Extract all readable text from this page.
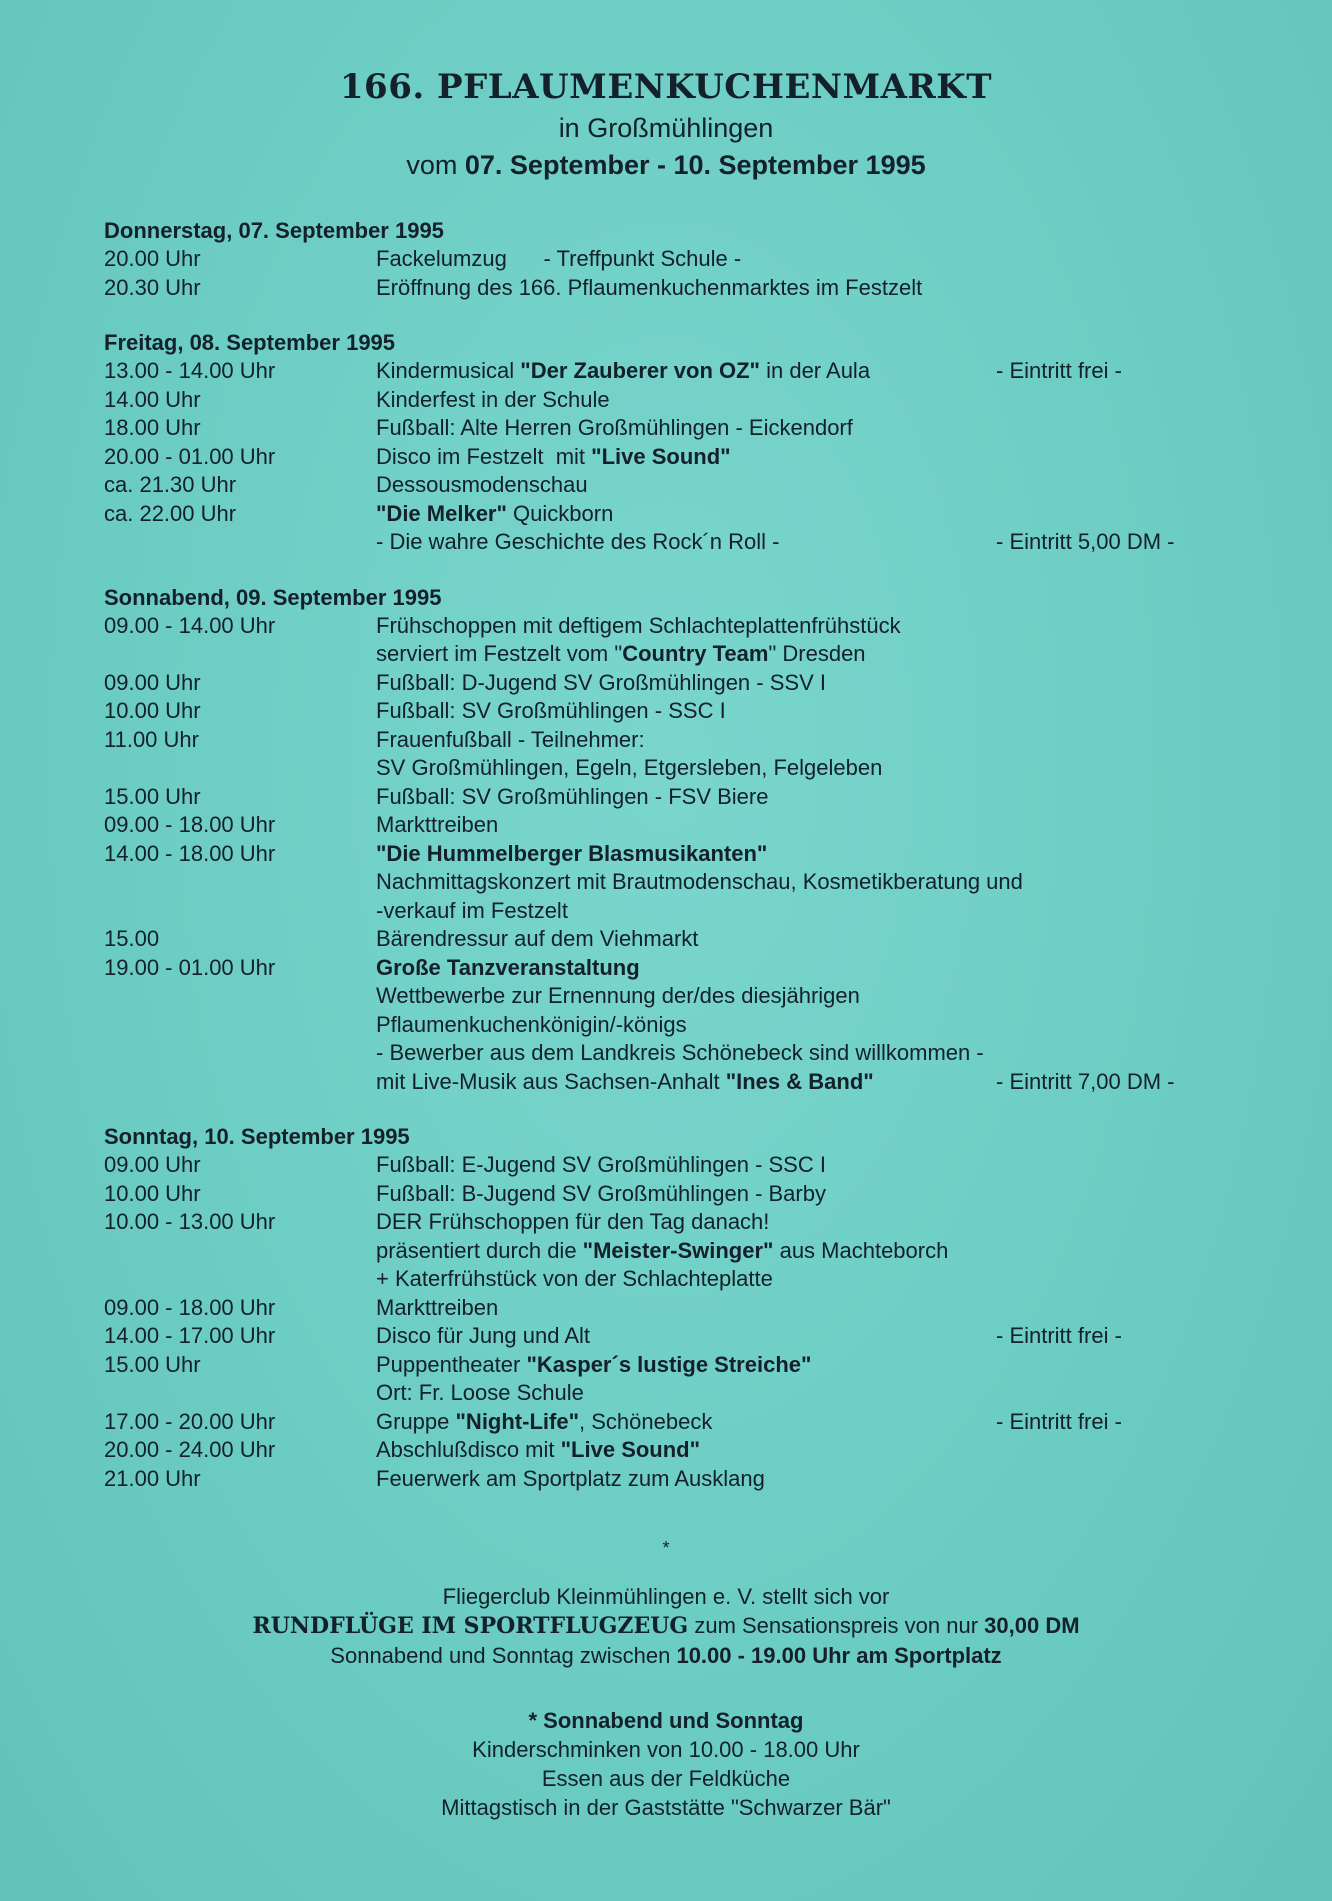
166. PFLAUMENKUCHENMARKT
in Großmühlingen
vom 07. September - 10. September 1995
Donnerstag, 07. September 1995
20.00 Uhr	Fackelumzug      - Treffpunkt Schule -
20.30 Uhr	Eröffnung des 166. Pflaumenkuchenmarktes im Festzelt
Freitag, 08. September 1995
13.00 - 14.00 Uhr	Kindermusical "Der Zauberer von OZ" in der Aula	- Eintritt frei -
14.00 Uhr	Kinderfest in der Schule
18.00 Uhr	Fußball: Alte Herren Großmühlingen - Eickendorf
20.00 - 01.00 Uhr	Disco im Festzelt  mit "Live Sound"
ca. 21.30 Uhr	Dessousmodenschau
ca. 22.00 Uhr	"Die Melker" Quickborn
- Die wahre Geschichte des Rock´n Roll -	- Eintritt 5,00 DM -
Sonnabend, 09. September 1995
09.00 - 14.00 Uhr	Frühschoppen mit deftigem Schlachteplattenfrühstück
serviert im Festzelt vom "Country Team" Dresden
09.00 Uhr	Fußball: D-Jugend SV Großmühlingen - SSV I
10.00 Uhr	Fußball: SV Großmühlingen - SSC I
11.00 Uhr	Frauenfußball - Teilnehmer:
SV Großmühlingen, Egeln, Etgersleben, Felgeleben
15.00 Uhr	Fußball: SV Großmühlingen - FSV Biere
09.00 - 18.00 Uhr	Markttreiben
14.00 - 18.00 Uhr	"Die Hummelberger Blasmusikanten"
Nachmittagskonzert mit Brautmodenschau, Kosmetikberatung und
-verkauf im Festzelt
15.00	Bärendressur auf dem Viehmarkt
19.00 - 01.00 Uhr	Große Tanzveranstaltung
Wettbewerbe zur Ernennung der/des diesjährigen
Pflaumenkuchenkönigin/-königs
- Bewerber aus dem Landkreis Schönebeck sind willkommen -
mit Live-Musik aus Sachsen-Anhalt "Ines & Band"	- Eintritt 7,00 DM -
Sonntag, 10. September 1995
09.00 Uhr	Fußball: E-Jugend SV Großmühlingen - SSC I
10.00 Uhr	Fußball: B-Jugend SV Großmühlingen - Barby
10.00 - 13.00 Uhr	DER Frühschoppen für den Tag danach!
präsentiert durch die "Meister-Swinger" aus Machteborch
+ Katerfrühstück von der Schlachteplatte
09.00 - 18.00 Uhr	Markttreiben
14.00 - 17.00 Uhr	Disco für Jung und Alt	- Eintritt frei -
15.00 Uhr	Puppentheater "Kasper´s lustige Streiche"
Ort: Fr. Loose Schule
17.00 - 20.00 Uhr	Gruppe "Night-Life", Schönebeck	- Eintritt frei -
20.00 - 24.00 Uhr	Abschlußdisco mit "Live Sound"
21.00 Uhr	Feuerwerk am Sportplatz zum Ausklang
*
Fliegerclub Kleinmühlingen e. V. stellt sich vor
RUNDFLÜGE IM SPORTFLUGZEUG zum Sensationspreis von nur 30,00 DM
Sonnabend und Sonntag zwischen 10.00 - 19.00 Uhr am Sportplatz
* Sonnabend und Sonntag
Kinderschminken von 10.00 - 18.00 Uhr
Essen aus der Feldküche
Mittagstisch in der Gaststätte "Schwarzer Bär"
